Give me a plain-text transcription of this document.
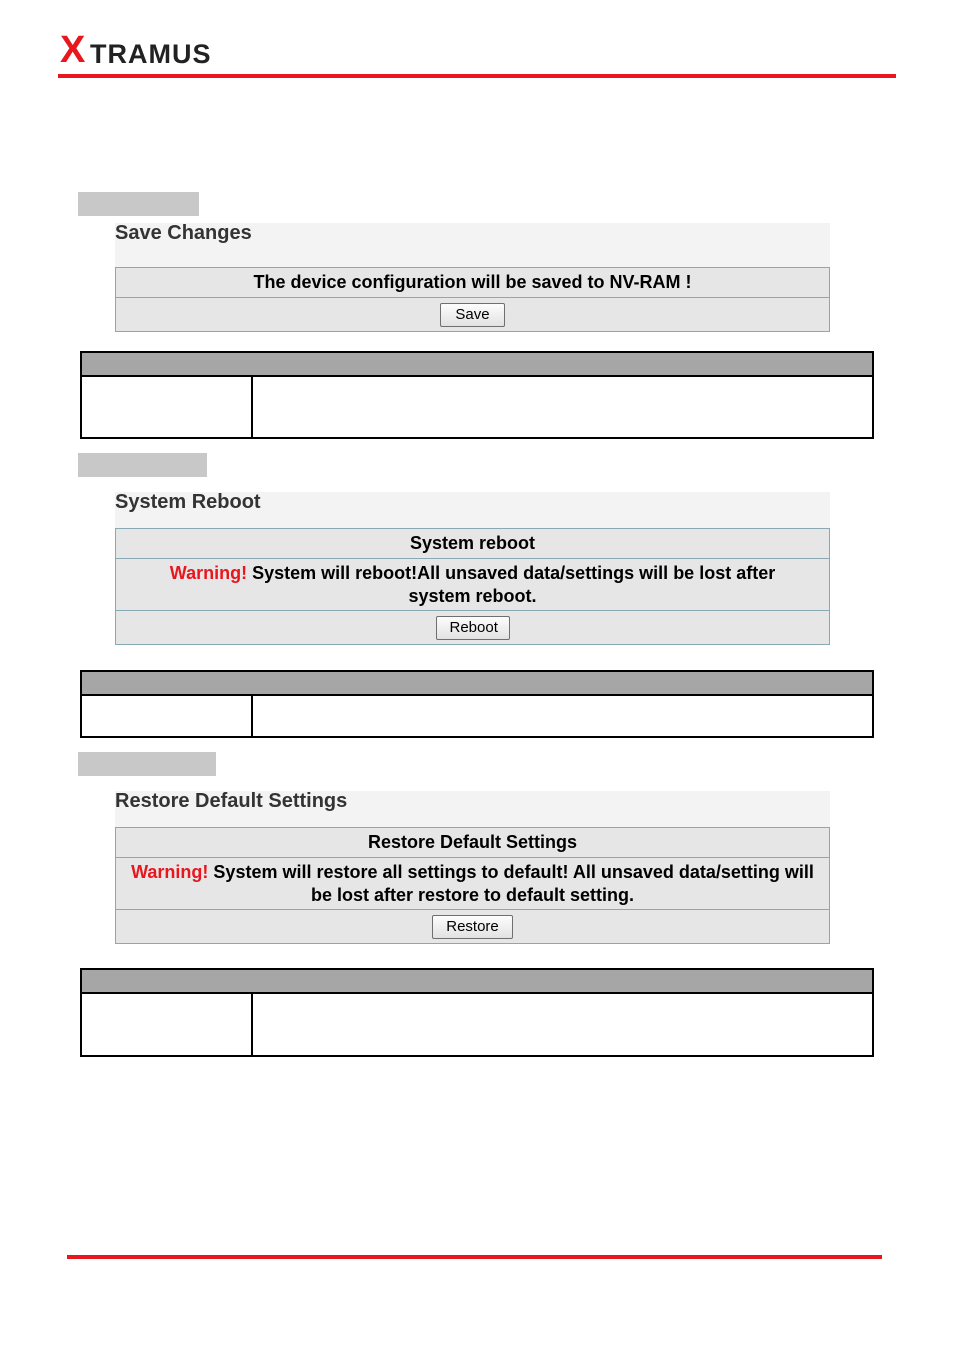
X TRAMUS
Save Changes
The device configuration will be saved to NV-RAM !
Save
System Reboot
System reboot
Warning! System will reboot!All unsaved data/settings will be lost after system reboot.
Reboot
Restore Default Settings
Restore Default Settings
Warning! System will restore all settings to default! All unsaved data/setting will be lost after restore to default setting.
Restore
